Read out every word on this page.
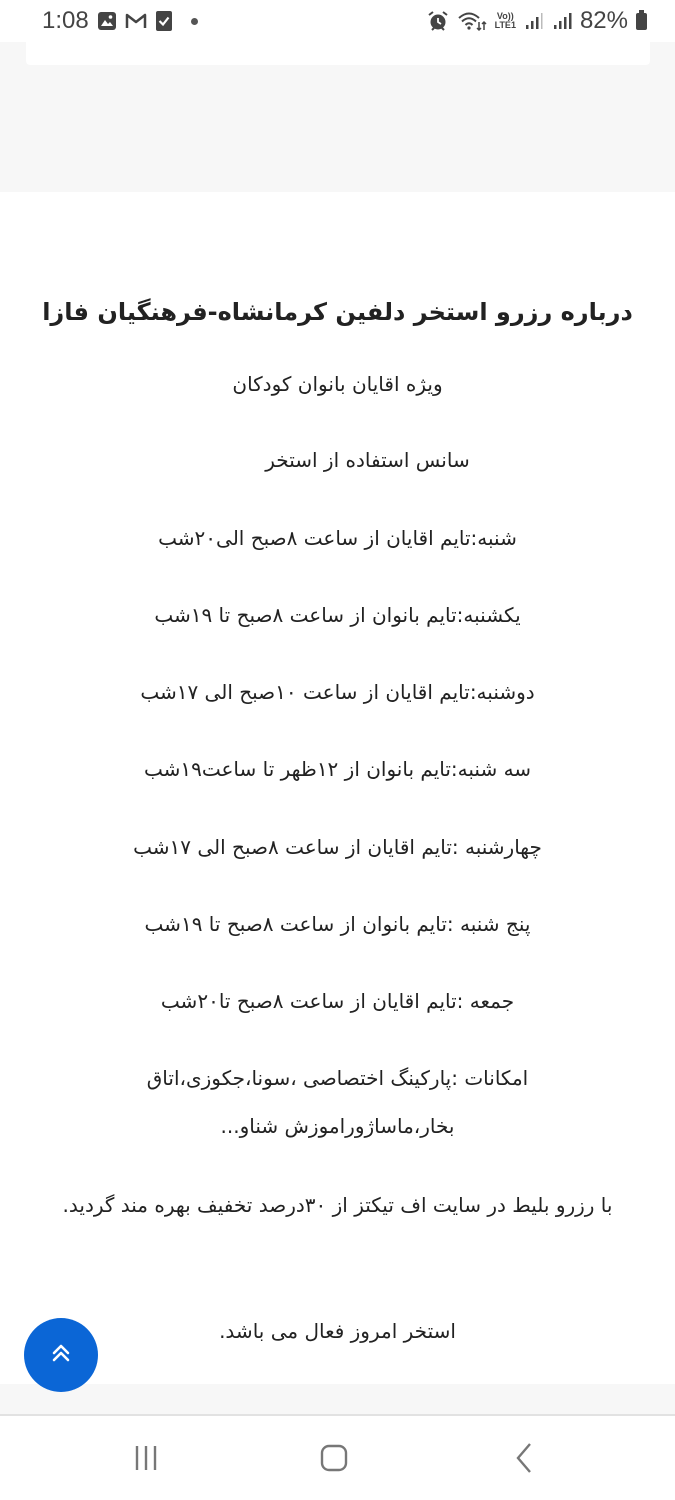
1:08	Vo))
LTE1	82%
درباره رزرو استخر دلفین کرمانشاه-فرهنگیان فازا

ویژه اقایان بانوان کودکان

سانس استفاده از استخر

شنبه:تایم اقایان از ساعت ۸صبح الی۲۰شب

یکشنبه:تایم بانوان از ساعت ۸صبح تا ۱۹شب

دوشنبه:تایم اقایان از ساعت ۱۰صبح الی ۱۷شب

سه شنبه:تایم بانوان از ۱۲ظهر تا ساعت۱۹شب

چهارشنبه :تایم اقایان از ساعت ۸صبح الی ۱۷شب

پنج شنبه :تایم بانوان از ساعت ۸صبح تا ۱۹شب

جمعه :تایم اقایان از ساعت ۸صبح تا۲۰شب

امکانات :پارکینگ اختصاصی ،سونا،جکوزی،اتاق بخار،ماساژوراموزش شناو...

با رزرو بلیط در سایت اف تیکتز از ۳۰درصد تخفیف بهره مند گردید.

استخر امروز فعال می باشد.
